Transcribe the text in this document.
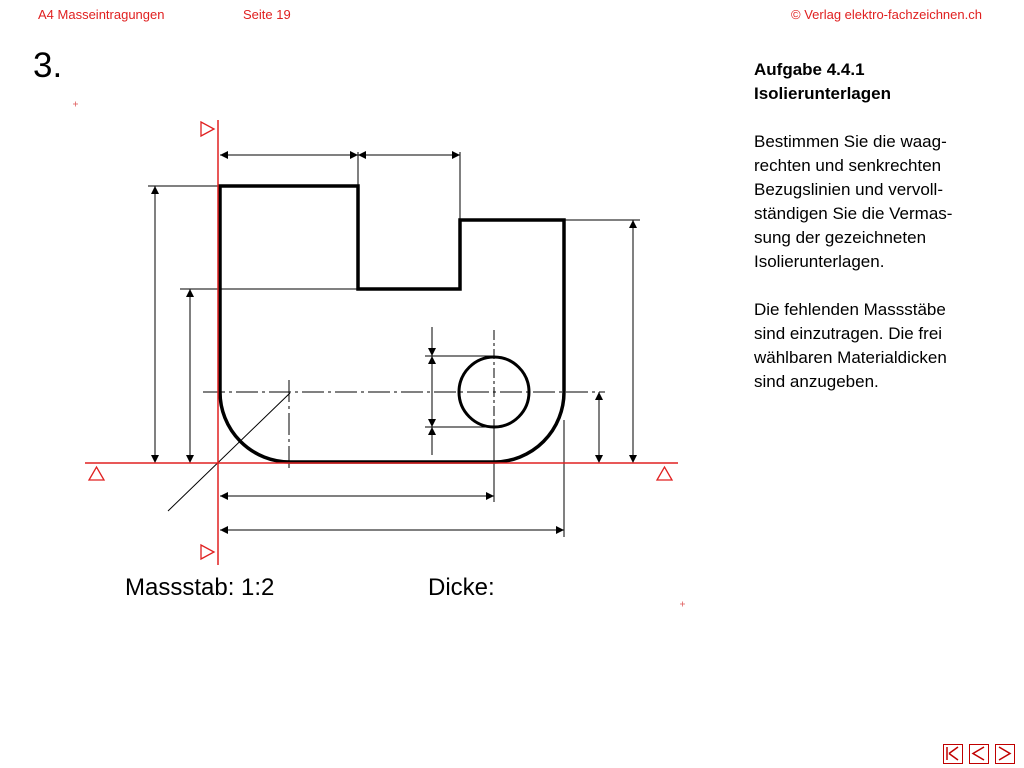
A4 Masseintragungen	Seite 19	© Verlag elektro-fachzeichnen.ch
3.	Aufgabe 4.4.1

Isolierunterlagen

Bestimmen Sie die waag-

rechten und senkrechten

Bezugslinien und vervoll-

ständigen Sie die Vermas-

sung der gezeichneten

Isolierunterlagen.

Die fehlenden Massstäbe

sind einzutragen. Die frei

wählbaren Materialdicken

sind anzugeben.

Massstab: 1:2	Dicke:
